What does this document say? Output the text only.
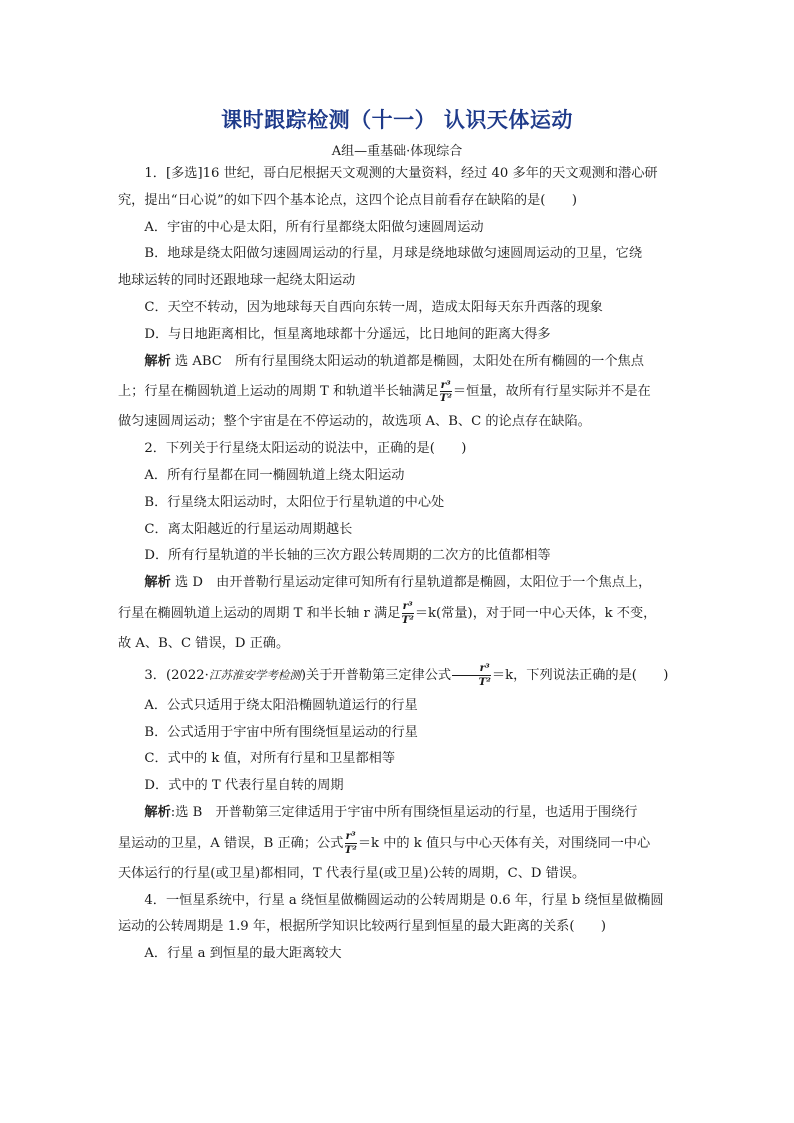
课时跟踪检测（十一） 认识天体运动
A组—重基础·体现综合

1．[多选]16 世纪，哥白尼根据天文观测的大量资料，经过 40 多年的天文观测和潜心研

究，提出“日心说”的如下四个基本论点，这四个论点目前看存在缺陷的是(　　)

A．宇宙的中心是太阳，所有行星都绕太阳做匀速圆周运动

B．地球是绕太阳做匀速圆周运动的行星，月球是绕地球做匀速圆周运动的卫星，它绕

地球运转的同时还跟地球一起绕太阳运动

C．天空不转动，因为地球每天自西向东转一周，造成太阳每天东升西落的现象

D．与日地距离相比，恒星离地球都十分遥远，比日地间的距离大得多

解析 选 ABC　所有行星围绕太阳运动的轨道都是椭圆，太阳处在所有椭圆的一个焦点

上；行星在椭圆轨道上运动的周期 T 和轨道半长轴满足 $\frac{\text{r³}}{\text{T²}}$ ＝恒量，故所有行星实际并不是在

做匀速圆周运动；整个宇宙是在不停运动的，故选项 A、B、C 的论点存在缺陷。

2．下列关于行星绕太阳运动的说法中，正确的是(　　)

A．所有行星都在同一椭圆轨道上绕太阳运动

B．行星绕太阳运动时，太阳位于行星轨道的中心处

C．离太阳越近的行星运动周期越长

D．所有行星轨道的半长轴的三次方跟公转周期的二次方的比值都相等

解析 选 D　由开普勒行星运动定律可知所有行星轨道都是椭圆，太阳位于一个焦点上，

行星在椭圆轨道上运动的周期 T 和半长轴 r 满足 $\frac{\text{r³}}{\text{T²}} =k$(常量)，对于同一中心天体，k 不变，

故 A、B、C 错误，D 正确。

3．(2022·江苏淮安学考检测)关于开普勒第三定律公式 $\frac{\text{r³}}{\text{T²}} =k$，下列说法正确的是(　　)

A．公式只适用于绕太阳沿椭圆轨道运行的行星

B．公式适用于宇宙中所有围绕恒星运动的行星

C．式中的 k 值，对所有行星和卫星都相等

D．式中的 T 代表行星自转的周期

解析:选 B　开普勒第三定律适用于宇宙中所有围绕恒星运动的行星，也适用于围绕行

星运动的卫星，A 错误，B 正确；公式 $\frac{\text{r³}}{\text{T²}} =k$ 中的 k 值只与中心天体有关，对围绕同一中心

天体运行的行星(或卫星)都相同，T 代表行星(或卫星)公转的周期，C、D 错误。

4．一恒星系统中，行星 a 绕恒星做椭圆运动的公转周期是 0.6 年，行星 b 绕恒星做椭圆

运动的公转周期是 1.9 年，根据所学知识比较两行星到恒星的最大距离的关系(　　)

A．行星 a 到恒星的最大距离较大
